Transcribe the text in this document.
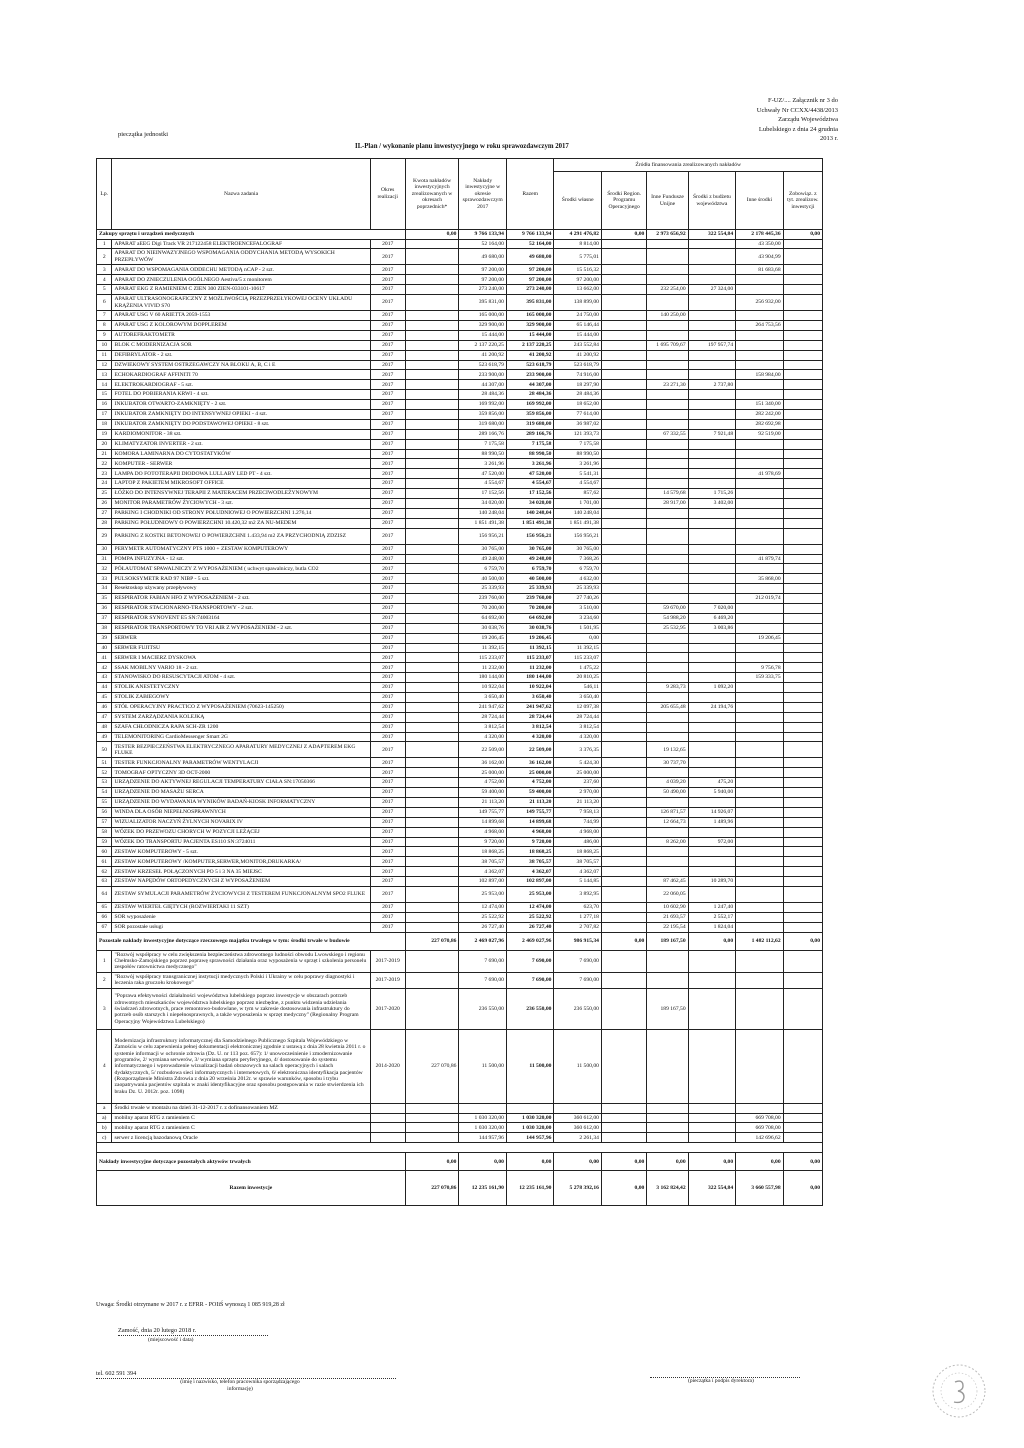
F-UZ/.... Załącznik nr 3 do
Uchwały Nr CCXX/4438/2013
Zarządu Województwa
Lubelskiego z dnia 24 grudnia
2013 r.
pieczątka jednostki
II.-Plan / wykonanie planu inwestycyjnego w roku sprawozdawczym 2017
Lp.	Nazwa zadania	Okres realizacji	Kwota nakładów inwestycyjnych zrealizowanych w okresach poprzednich*	Nakłady inwestycyjne w okresie sprawozdawczym 2017	Razem	Źródła finansowania zrealizowanych nakładów					
						Środki własne	Środki Region. Programu Operacyjnego	Inne Fundusze Unijne	Środki z budżetu województwa	Inne środki	Zobowiąz. z tyt. zrealizow. inwestycji
Zakupy sprzętu i urządzeń medycznych			0,00	9 766 133,94	9 766 133,94	4 291 476,82	0,00	2 973 656,92	322 554,84	2 178 445,36	0,00
1	APARAT aEEG Digi Track VR 217122458 ELEKTROENCEFALOGRAF	2017		52 164,00	52 164,00	8 814,00				43 350,00	
2	APARAT DO NIEINWAZYJNEGO WSPOMAGANIA ODDYCHANIA METODĄ WYSOKICH PRZEPŁYWÓW	2017		49 680,00	49 680,00	5 775,01				43 904,99	
3	APARAT DO WSPOMAGANIA ODDECHU METODĄ nCAP - 2 szt.	2017		97 200,00	97 200,00	15 516,32				81 683,68	
4	APARAT DO ZNIECZULENIA OGÓLNEGO Aestiva/5 z monitorem	2017		97 200,00	97 200,00	97 200,00					
5	APARAT EKG Z RAMIENIEM C ZIEN 300 ZIEN-033101-10617	2017		273 240,00	273 240,00	13 662,00		232 254,00	27 324,00		
6	APARAT ULTRASONOGRAFICZNY Z MOŻLIWOŚCIĄ PRZEZPRZEŁYKOWEJ OCENY UKŁADU KRĄŻENIA VIVID S70	2017		395 831,00	395 831,00	138 899,00				256 932,00	
7	APARAT USG V 60 ARIETTA 2059-1553	2017		165 000,00	165 000,00	24 750,00		140 250,00			
8	APARAT USG Z KOLOROWYM DOPPLEREM	2017		329 900,00	329 900,00	65 146,44				264 753,56	
9	AUTOREFRAKTOMETR	2017		15 444,00	15 444,00	15 444,00					
10	BLOK C MODERNIZACJA SOR	2017		2 137 220,25	2 137 220,25	243 552,84		1 695 709,67	197 957,74		
11	DEFIBRYLATOR - 2 szt.	2017		41 200,92	41 200,92	41 200,92					
12	DZWIEKOWY SYSTEM OSTRZEGAWCZY NA BLOKU A, B, C i E	2017		523 618,79	523 618,79	523 618,79					
13	ECHOKARDIOGRAF AFFINITI 70	2017		233 900,00	233 900,00	74 916,00				158 984,00	
14	ELEKTROKARDIOGRAF - 5 szt.	2017		44 307,00	44 307,00	18 297,90		23 271,30	2 737,80		
15	FOTEL DO POBIERANIA KRWI - 4 szt.	2017		28 484,36	28 484,36	28 484,36					
16	INKUBATOR OTWARTO-ZAMKNIĘTY - 2 szt.	2017		169 992,00	169 992,00	18 652,00				151 340,00	
17	INKUBATOR ZAMKNIĘTY DO INTENSYWNEJ OPIEKI - 4 szt.	2017		359 856,00	359 856,00	77 614,00				282 242,00	
18	INKUBATOR ZAMKNIĘTY DO PODSTAWOWEJ OPIEKI - 8 szt.	2017		319 680,00	319 680,00	36 987,02				282 692,98	
19	KARDIOMONITOR - 38 szt.	2017		289 166,76	289 166,76	121 393,73		67 332,55	7 921,48	92 519,00	
20	KLIMATYZATOR INVERTER - 2 szt.	2017		7 175,58	7 175,58	7 175,58					
21	KOMORA LAMINARNA DO CYTOSTATYKÓW	2017		88 990,50	88 990,50	88 990,50					
22	KOMPUTER - SERWER	2017		3 261,96	3 261,96	3 261,96					
23	LAMPA DO FOTOTERAPII DIODOWA LULLABY LED PT - 4 szt.	2017		47 520,00	47 520,00	5 541,31				41 978,69	
24	LAPTOP Z PAKIETEM MIKROSOFT OFFICE	2017		4 554,67	4 554,67	4 554,67					
25	ŁÓŻKO DO INTENSYWNEJ TERAPII Z MATERACEM PRZECIWODLEŻYNOWYM	2017		17 152,56	17 152,56	857,62		14 579,68	1 715,26		
26	MONITOR PARAMETRÓW ŻYCIOWYCH - 3 szt.	2017		34 020,00	34 020,00	1 701,00		28 917,00	3 402,00		
27	PARKING I CHODNIKI OD STRONY POŁUDNIOWEJ O POWIERZCHNI 1.276,14	2017		140 248,04	140 248,04	140 248,04					
28	PARKING POŁUDNIOWY O POWIERZCHNI 10.420,32 m2 ZA NU-MEDEM	2017		1 851 491,38	1 851 491,38	1 851 491,38					
29	PARKING Z KOSTKI BETONOWEJ O POWIERZCHNI 1.433,94 m2 ZA PRZYCHODNIĄ ZDZISZ	2017		156 956,21	156 956,21	156 956,21					
30	PERYMETR AUTOMATYCZNY PTS 1000 + ZESTAW KOMPUTEROWY	2017		30 765,00	30 765,00	30 765,00					
31	POMPA INFUZYJNA - 12 szt.	2017		49 248,00	49 248,00	7 368,26				41 879,74	
32	PÓŁAUTOMAT SPAWALNICZY Z WYPOSAŻENIEM ( uchwyt spawalniczy, butla CO2	2017		6 759,70	6 759,70	6 759,70					
33	PULSOKSYMETR RAD 97 NIBP - 5 szt.	2017		40 500,00	40 500,00	4 632,00				35 868,00	
34	Resektoskop używany przepływowy	2017		25 339,93	25 339,93	25 339,93					
35	RESPIRATOR FABIAN HFO Z WYPOSAŻENIEM - 2 szt.	2017		239 760,00	239 760,00	27 740,26				212 019,74	
36	RESPIRATOR STACJONARNO-TRANSPORTOWY - 2 szt.	2017		70 200,00	70 200,00	3 510,00		59 670,00	7 020,00		
37	RESPIRATOR SYNOVENT E5 SN:74003164	2017		64 692,00	64 692,00	3 234,60		54 988,20	6 469,20		
38	RESPIRATOR TRANSPORTOWY TO VRI AIR Z WYPOSAŻENIEM - 2 szt.	2017		30 038,76	30 038,76	1 501,95		25 532,95	3 003,86		
39	SERWER	2017		19 206,45	19 206,45	0,00				19 206,45	
40	SERWER FUJITSU	2017		11 392,15	11 392,15	11 392,15					
41	SERWER I MACIERZ DYSKOWA	2017		115 233,07	115 233,07	115 233,07					
42	SSAK MOBILNY VARIO 18 - 2 szt.	2017		11 232,00	11 232,00	1 475,22				9 756,78	
43	STANOWISKO DO RESUSCYTACJI ATOM - 4 szt.	2017		180 144,00	180 144,00	20 810,25				159 333,75	
44	STOLIK ANESTETYCZNY	2017		10 922,04	10 922,04	546,11		9 283,73	1 092,20		
45	STOLIK ZABIEGOWY	2017		3 650,40	3 650,40	3 650,40					
46	STÓŁ OPERACYJNY PRACTICO Z WYPOSAŻENIEM (70623-145250)	2017		241 947,62	241 947,62	12 097,38		205 655,48	24 194,76		
47	SYSTEM ZARZĄDZANIA KOLEJKĄ	2017		28 724,44	28 724,44	28 724,44					
48	SZAFA CHŁODNICZA RAPA SCH-ZR 1200	2017		3 812,54	3 812,54	3 812,54					
49	TELEMONITORING CardioMessenger Smart 2G	2017		4 320,00	4 320,00	4 320,00					
50	TESTER BEZPIECZEŃSTWA ELEKTRYCZNEGO APARATURY MEDYCZNEJ Z ADAPTEREM EKG FLUKE	2017		22 509,00	22 509,00	3 376,35		19 132,65			
51	TESTER FUNKCJONALNY PARAMETRÓW WENTYLACJI	2017		36 162,00	36 162,00	5 424,30		30 737,70			
52	TOMOGRAF OPTYCZNY 3D OCT-2000	2017		25 000,00	25 000,00	25 000,00					
53	URZĄDZENIE DO AKTYWNEJ REGULACJI TEMPERATURY CIAŁA SN:17050366	2017		4 752,00	4 752,00	237,60		4 039,20	475,20		
54	URZĄDZENIE DO MASAŻU SERCA	2017		59 400,00	59 400,00	2 970,00		50 490,00	5 940,00		
55	URZĄDZENIE DO WYDAWANIA WYNIKÓW BADAŃ-KIOSK INFORMATYCZNY	2017		21 113,20	21 113,20	21 113,20					
56	WINDA DLA OSÓB NIEPEŁNOSPRAWNYCH	2017		149 755,77	149 755,77	7 958,13		126 871,57	14 926,07		
57	WIZUALIZATOR NACZYŃ ŻYLNYCH NOVARIX IV	2017		14 899,68	14 899,68	744,99		12 664,73	1 489,96		
58	WÓZEK DO PRZEWOZU CHORYCH W POZYCJI LEŻĄCEJ	2017		4 968,00	4 968,00	4 968,00					
59	WÓZEK DO TRANSPORTU PACJENTA ES110 SN:3724011	2017		9 720,00	9 720,00	486,00		8 262,00	972,00		
60	ZESTAW KOMPUTEROWY - 5 szt.	2017		18 868,25	18 868,25	18 868,25					
61	ZESTAW KOMPUTEROWY /KOMPUTER,SERWER,MONITOR,DRUKARKA/	2017		38 705,57	38 705,57	38 705,57					
62	ZESTAW KRZESEŁ POŁĄCZONYCH PO 5 i 3 NA 35 MIEJSC	2017		4 362,07	4 362,07	4 362,07					
63	ZESTAW NAPĘDÓW ORTOPEDYCZNYCH Z WYPOSAŻENIEM	2017		102 897,00	102 897,00	5 144,85		87 462,45	10 289,70		
64	ZESTAW SYMULACJI PARAMETRÓW ŻYCIOWYCH Z TESTEREM FUNKCJONALNYM SPO2 FLUKE	2017		25 953,00	25 953,00	3 892,95		22 060,05			
65	ZESTAW WIERTEŁ GIĘTYCH (ROZWIERTAKI 11 SZT)	2017		12 474,00	12 474,00	623,70		10 602,90	1 247,40		
66	SOR wyposażenie	2017		25 522,92	25 522,92	1 277,18		21 693,57	2 552,17		
67	SOR pozostałe usługi	2017		26 727,40	26 727,40	2 707,82		22 195,54	1 824,04		
Pozostałe nakłady inwestycyjne dotyczące rzeczowego majątku trwałego w tym: środki trwałe w budowie			227 070,86	2 469 027,96	2 469 027,96	986 915,34	0,00	189 167,50	0,00	1 482 112,62	0,00
1	"Rozwój współpracy w celu zwiększenia bezpieczeństwa zdrowotnego ludności obwodu Lwowskiego i regionu Chełmsko-Zamojskiego poprzez poprawę sprawności działania oraz wyposażenia w sprzęt i szkolenia personelu zespołów ratownictwa medycznego"	2017-2019		7 690,00	7 690,00	7 690,00					
2	"Rozwój współpracy transgranicznej instytucji medycznych Polski i Ukrainy w celu poprawy diagnostyki i leczenia raka gruczołu krokowego"	2017-2019		7 690,00	7 690,00	7 690,00					
3	"Poprawa efektywności działalności województwa lubelskiego poprzez inwestycje w obszarach potrzeb zdrowotnych mieszkańców województwa lubelskiego poprzez niezbędne, z punktu widzenia udzielania świadczeń zdrowotnych, prace remontowo-budowlane, w tym w zakresie dostosowania infrastruktury do potrzeb osób starszych i niepełnosprawnych, a także wyposażenia w sprzęt medyczny" (Regionalny Program Operacyjny Województwa Lubelskiego)	2017-2020		236 550,00	236 550,00	236 550,00		189 167,50			
4	Modernizacja infrastruktury informatycznej dla Samodzielnego Publicznego Szpitala Wojewódzkiego w Zamościu w celu zapewnienia pełnej dokumentacji elektronicznej zgodnie z ustawą z dnia 28 kwietnia 2011 r. o systemie informacji w ochronie zdrowia (Dz. U. nr 113 poz. 657): 1/ unowocześnienie i zmodernizowanie programów, 2/ wymiana serwerów, 3/ wymiana sprzętu peryferyjnego, 4/ dostosowanie do systemu informatycznego i wprowadzenie wizualizacji badań obrazowych na salach operacyjnych i salach dydaktycznych, 5/ rozbudowa sieci informatycznych i internetowych, 6/ elektroniczna identyfikacja pacjentów (Rozporządzenie Ministra Zdrowia z dnia 20 września 2012r. w sprawie warunków, sposobu i trybu zaopatrywania pacjentów szpitala w znaki identyfikacyjne oraz sposobu postępowania w razie stwierdzenia ich braku Dz. U. 2012r. poz. 1098)	2014-2020	227 070,86	11 500,00	11 500,00	11 500,00					
a	Środki trwałe w montażu na dzień 31-12-2017 r. z dofinansowaniem MZ										
a)	mobilny aparat RTG z ramieniem C			1 030 320,00	1 030 320,00	360 612,00				669 708,00	
b)	mobilny aparat RTG z ramieniem C			1 030 320,00	1 030 320,00	360 612,00				669 708,00	
c)	serwer z licencją bazodanową Oracle			144 957,96	144 957,96	2 261,34				142 696,62	

Nakłady inwestycyjne dotyczące pozostałych aktywów trwałych			0,00	0,00	0,00	0,00	0,00	0,00	0,00	0,00	0,00
Razem inwestycje			227 070,86	12 235 161,90	12 235 161,90	5 278 392,16	0,00	3 162 824,42	322 554,84	3 660 557,98	0,00
Uwaga: Środki otrzymane w 2017 r. z EFRR - POIiŚ wynoszą 1 085 919,28 zł
Zamość, dnia 20 lutego 2018 r.
(miejscowość i data)
tel. 602 591 394
(imię i nazwisko, telefon pracownika sporządzającego informację)
(pieczątka i podpis dyrektora)
